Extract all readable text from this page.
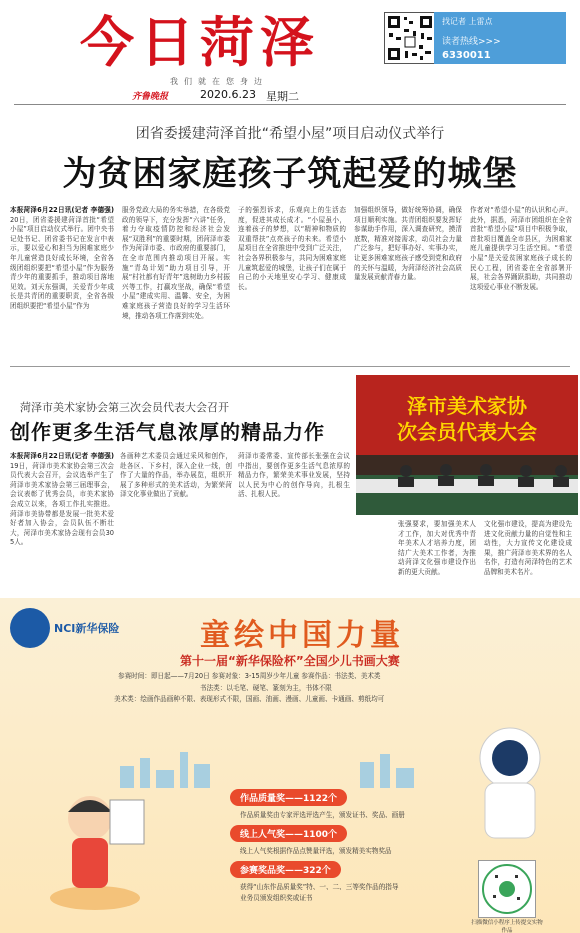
今日菏泽
我们就在您身边
齐鲁晚报	2020.6.23 星期二
找记者 上雷点
读者热线>>>
6330011
团省委援建菏泽首批“希望小屋”项目启动仪式举行
为贫困家庭孩子筑起爱的城堡
本报菏泽6月22日讯(记者 李德强) 20日，团省委援建菏泽首批“希望小屋”项目启动仪式举行。团中央书记处书记、团省委书记在发言中表示，要以爱心和担当为困难家庭少年儿童营造良好成长环境，全省各级团组织要把“希望小屋”作为服务青少年的重要抓手，推动项目落地见效。刘天东强调，关爱青少年成长是共青团的重要职责，全省各级团组织要把“希望小屋”作为
服务党政大局的务实举措，在各级党政的领导下，充分发挥“六讲”任务，着力夺取疫情防控和经济社会发展“双胜利”的重要时期，团菏泽市委作为菏泽市委、市政府的重要部门，在全市范围内推动项目开展。实施“青岛计划”助力项目引导，开展“村社都有好青年”选树助力乡村振兴等工作，打赢攻坚战，确保“希望小屋”建成实用、温馨、安全，为困难家庭孩子营造良好的学习生活环境，推动各项工作落到实处。
子的强烈诉求，乐观向上的生活态度，促进其成长成才。“小屋虽小，连着孩子的梦想，以“精神和物质的双重帮扶”点亮孩子的未来。希望小屋项目在全省推进中受到广泛关注，社会各界积极参与，共同为困难家庭儿童筑起爱的城堡，让孩子们在属于自己的小天地里安心学习、健康成长。
加强组织领导，做好统筹协调，确保项目顺利实施。共青团组织要发挥好参谋助手作用，深入调查研究，摸清底数，精准对接需求，动员社会力量广泛参与，把好事办好、实事办实，让更多困难家庭孩子感受到党和政府的关怀与温暖，为菏泽经济社会高质量发展贡献青春力量。
作者对“希望小屋”的认识和心声。此外，据悉，菏泽市团组织在全省首批“希望小屋”项目中积极争取，首批项目覆盖全市县区，为困难家庭儿童提供学习生活空间。“希望小屋”是关爱贫困家庭孩子成长的民心工程，团省委在全省部署开展，社会各界踊跃捐助，共同推动这项爱心事业不断发展。
菏泽市美术家协会第三次会员代表大会召开
创作更多生活气息浓厚的精品力作
本报菏泽6月22日讯(记者 李德强) 19日，菏泽市美术家协会第三次会员代表大会召开，会议选举产生了菏泽市美术家协会第三届理事会，会议表彰了优秀会员，市美术家协会成立以来，各项工作扎实推进。菏泽市美协带都是发展一批美术爱好者加入协会，会员队伍不断壮大，菏泽市美术家协会现有会员305人。
各画种艺术委员会通过采风和创作，赴各区、下乡村，深入企业一线，创作了大量的作品，举办展览，组织开展了多种形式的美术活动，为繁荣菏泽文化事业做出了贡献。
菏泽市委常委、宣传部长张强在会议中指出，要创作更多生活气息浓厚的精品力作，繁荣美术事业发展，坚持以人民为中心的创作导向，扎根生活、扎根人民。
张强要求，要加强美术人才工作，加大对优秀中青年美术人才培养力度，团结广大美术工作者，为推动菏泽文化强市建设作出新的更大贡献。
文化强市建设，提高为建设先进文化贡献力量的自觉性和主动性，大力宣传文化建设成果，推广菏泽市美术界的名人名作，打造有菏泽特色的艺术品牌和美术名片。
泽市美术家协
次会员代表大会
NCI新华保险	童绘中国力量
第十一届“新华保险杯”全国少儿书画大赛
参赛时间：即日起——7月20日 参赛对象：3-15周岁少年儿童 参赛作品：书法类、美术类
书法类：以毛笔、硬笔、篆刻为主，书体不限
美术类：绘画作品画种不限、表现形式不限，国画、油画、漫画、儿童画、卡通画、剪纸均可
作品质量奖——1122个
作品质量奖由专家评选评选产生，颁发证书、奖品、画册
线上人气奖——1100个
线上人气奖根据作品点赞量评选，颁发精美实物奖品
参赛奖品奖——322个
获得“山东作品质量奖”特、一、二、三等奖作品的指导
业务员颁发组织奖或证书
扫描微信小程序上传提交实物作品
